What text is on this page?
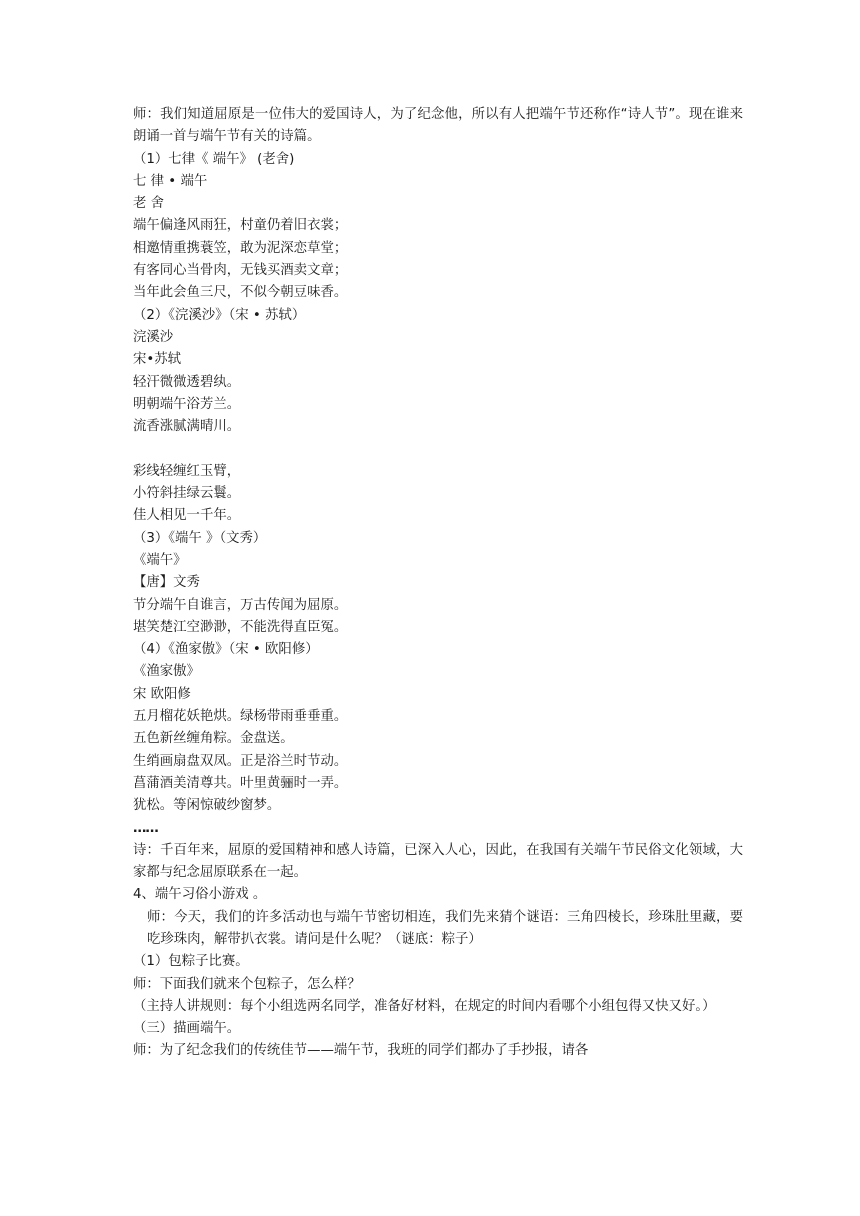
师：我们知道屈原是一位伟大的爱国诗人，为了纪念他，所以有人把端午节还称作“诗人节”。现在谁来朗诵一首与端午节有关的诗篇。
（1）七律《 端午》 (老舍)
七 律 • 端午
老 舍
端午偏逢风雨狂，村童仍着旧衣裳；
相邀情重携蓑笠，敢为泥深恋草堂；
有客同心当骨肉，无钱买酒卖文章；
当年此会鱼三尺，不似今朝豆味香。
（2）《浣溪沙》（宋 • 苏轼）
浣溪沙
宋•苏轼
轻汗微微透碧纨。
明朝端午浴芳兰。
流香涨腻满晴川。
彩线轻缠红玉臂，
小符斜挂绿云鬟。
佳人相见一千年。
（3）《端午 》（文秀）
《端午》
【唐】文秀
节分端午自谁言，万古传闻为屈原。
堪笑楚江空渺渺，不能洗得直臣冤。
（4）《渔家傲》（宋 • 欧阳修）
《渔家傲》
宋 欧阳修
五月榴花妖艳烘。绿杨带雨垂垂重。
五色新丝缠角粽。金盘送。
生绡画扇盘双凤。正是浴兰时节动。
菖蒲酒美清尊共。叶里黄骊时一弄。
犹松。等闲惊破纱窗梦。
……
诗：千百年来，屈原的爱国精神和感人诗篇，已深入人心，因此，在我国有关端午节民俗文化领域，大家都与纪念屈原联系在一起。
4、端午习俗小游戏 。
师：今天，我们的许多活动也与端午节密切相连，我们先来猜个谜语：三角四棱长，珍珠肚里藏，要吃珍珠肉，解带扒衣裳。请问是什么呢？（谜底：粽子）
（1）包粽子比赛。
师：下面我们就来个包粽子，怎么样？
（主持人讲规则：每个小组选两名同学，准备好材料，在规定的时间内看哪个小组包得又快又好。）
（三）描画端午。
师：为了纪念我们的传统佳节——端午节，我班的同学们都办了手抄报，请各
